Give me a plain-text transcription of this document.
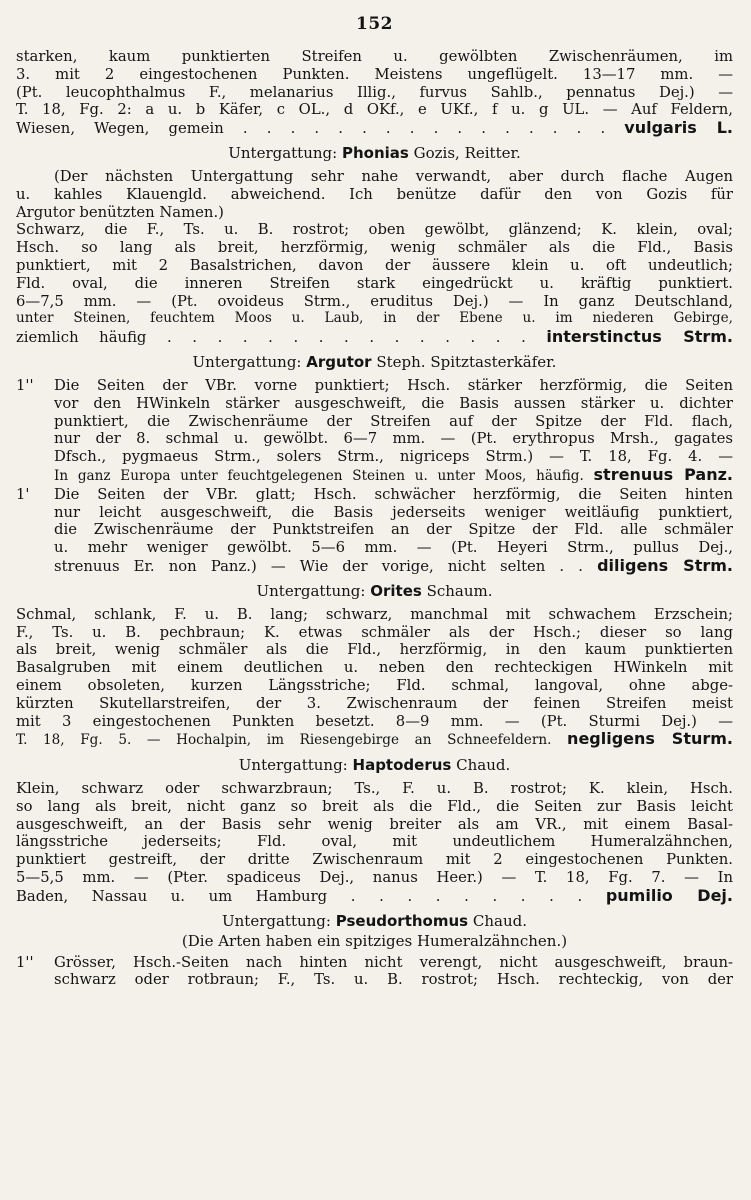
152

starken, kaum punktierten Streifen u. gewölbten Zwischenräumen, im

3. mit 2 eingestochenen Punkten. Meistens ungeflügelt. 13—17 mm. —

(Pt. leucophthalmus F., melanarius Illig., furvus Sahlb., pennatus Dej.) —

T. 18, Fg. 2: a u. b Käfer, c OL., d OKf., e UKf., f u. g UL. — Auf Feldern,

Wiesen, Wegen, gemein . . . . . . . . . . . . . . . . vulgaris L.

Untergattung: Phonias Gozis, Reitter.

(Der nächsten Untergattung sehr nahe verwandt, aber durch flache Augen

u. kahles Klauengld. abweichend. Ich benütze dafür den von Gozis für

Argutor benützten Namen.)

Schwarz, die F., Ts. u. B. rostrot; oben gewölbt, glänzend; K. klein, oval;

Hsch. so lang als breit, herzförmig, wenig schmäler als die Fld., Basis

punktiert, mit 2 Basalstrichen, davon der äussere klein u. oft undeutlich;

Fld. oval, die inneren Streifen stark eingedrückt u. kräftig punktiert.

6—7,5 mm. — (Pt. ovoideus Strm., eruditus Dej.) — In ganz Deutschland,

unter Steinen, feuchtem Moos u. Laub, in der Ebene u. im niederen Gebirge,

ziemlich häufig . . . . . . . . . . . . . . . interstinctus Strm.

Untergattung: Argutor Steph. Spitztasterkäfer.

1'' Die Seiten der VBr. vorne punktiert; Hsch. stärker herzförmig, die Seiten

vor den HWinkeln stärker ausgeschweift, die Basis aussen stärker u. dichter

punktiert, die Zwischenräume der Streifen auf der Spitze der Fld. flach,

nur der 8. schmal u. gewölbt. 6—7 mm. — (Pt. erythropus Mrsh., gagates

Dfsch., pygmaeus Strm., solers Strm., nigriceps Strm.) — T. 18, Fg. 4. —

In ganz Europa unter feuchtgelegenen Steinen u. unter Moos, häufig. strenuus Panz.

1' Die Seiten der VBr. glatt; Hsch. schwächer herzförmig, die Seiten hinten

nur leicht ausgeschweift, die Basis jederseits weniger weitläufig punktiert,

die Zwischenräume der Punktstreifen an der Spitze der Fld. alle schmäler

u. mehr weniger gewölbt. 5—6 mm. — (Pt. Heyeri Strm., pullus Dej.,

strenuus Er. non Panz.) — Wie der vorige, nicht selten . . diligens Strm.

Untergattung: Orites Schaum.

Schmal, schlank, F. u. B. lang; schwarz, manchmal mit schwachem Erzschein;

F., Ts. u. B. pechbraun; K. etwas schmäler als der Hsch.; dieser so lang

als breit, wenig schmäler als die Fld., herzförmig, in den kaum punktierten

Basalgruben mit einem deutlichen u. neben den rechteckigen HWinkeln mit

einem obsoleten, kurzen Längsstriche; Fld. schmal, langoval, ohne abge-

kürzten Skutellarstreifen, der 3. Zwischenraum der feinen Streifen meist

mit 3 eingestochenen Punkten besetzt. 8—9 mm. — (Pt. Sturmi Dej.) —

T. 18, Fg. 5. — Hochalpin, im Riesengebirge an Schneefeldern. negligens Sturm.

Untergattung: Haptoderus Chaud.

Klein, schwarz oder schwarzbraun; Ts., F. u. B. rostrot; K. klein, Hsch.

so lang als breit, nicht ganz so breit als die Fld., die Seiten zur Basis leicht

ausgeschweift, an der Basis sehr wenig breiter als am VR., mit einem Basal-

längsstriche jederseits; Fld. oval, mit undeutlichem Humeralzähnchen,

punktiert gestreift, der dritte Zwischenraum mit 2 eingestochenen Punkten.

5—5,5 mm. — (Pter. spadiceus Dej., nanus Heer.) — T. 18, Fg. 7. — In

Baden, Nassau u. um Hamburg . . . . . . . . . pumilio Dej.

Untergattung: Pseudorthomus Chaud.

(Die Arten haben ein spitziges Humeralzähnchen.)

1'' Grösser, Hsch.-Seiten nach hinten nicht verengt, nicht ausgeschweift, braun-

schwarz oder rotbraun; F., Ts. u. B. rostrot; Hsch. rechteckig, von der
